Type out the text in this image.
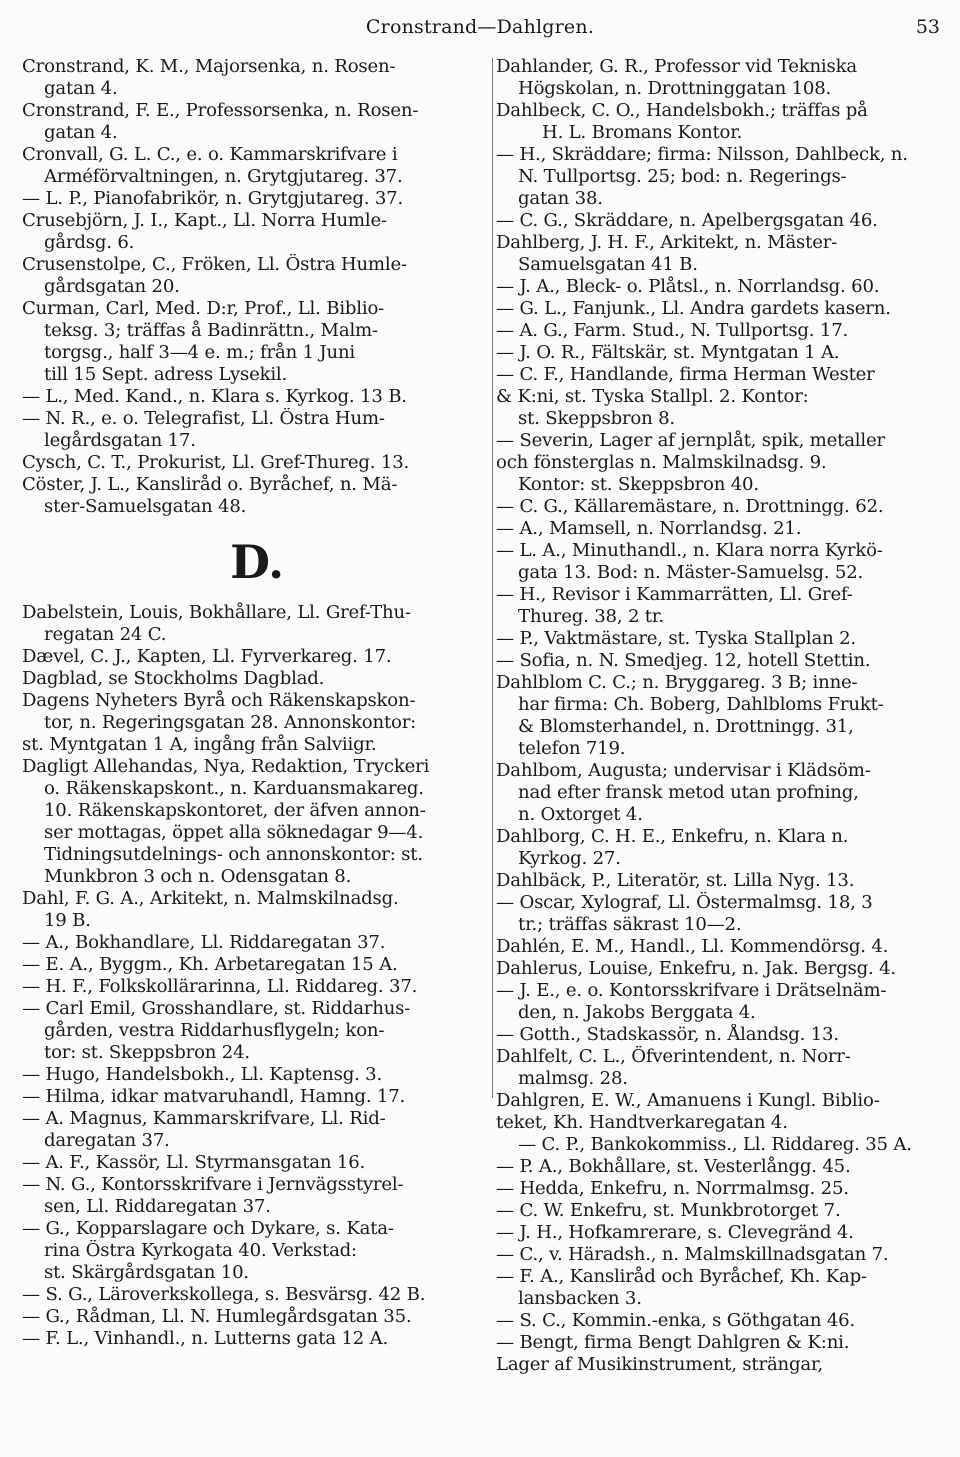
Cronstrand—Dahlgren.	53
Cronstrand, K. M., Majorsenka, n. Rosen-
gatan 4.
Cronstrand, F. E., Professorsenka, n. Rosen-
gatan 4.
Cronvall, G. L. C., e. o. Kammarskrifvare i
Arméförvaltningen, n. Grytgjutareg. 37.
— L. P., Pianofabrikör, n. Grytgjutareg. 37.
Crusebjörn, J. I., Kapt., Ll. Norra Humle-
gårdsg. 6.
Crusenstolpe, C., Fröken, Ll. Östra Humle-
gårdsgatan 20.
Curman, Carl, Med. D:r, Prof., Ll. Biblio-
teksg. 3; träffas å Badinrättn., Malm-
torgsg., half 3—4 e. m.; från 1 Juni
till 15 Sept. adress Lysekil.
— L., Med. Kand., n. Klara s. Kyrkog. 13 B.
— N. R., e. o. Telegrafist, Ll. Östra Hum-
legårdsgatan 17.
Cysch, C. T., Prokurist, Ll. Gref-Thureg. 13.
Cöster, J. L., Kansliråd o. Byråchef, n. Mä-
ster-Samuelsgatan 48.
D.
Dabelstein, Louis, Bokhållare, Ll. Gref-Thu-
regatan 24 C.
Dævel, C. J., Kapten, Ll. Fyrverkareg. 17.
Dagblad, se Stockholms Dagblad.
Dagens Nyheters Byrå och Räkenskapskon-
tor, n. Regeringsgatan 28. Annonskontor:
st. Myntgatan 1 A, ingång från Salviigr.
Dagligt Allehandas, Nya, Redaktion, Tryckeri
o. Räkenskapskont., n. Karduansmakareg.
10. Räkenskapskontoret, der äfven annon-
ser mottagas, öppet alla söknedagar 9—4.
Tidningsutdelnings- och annonskontor: st.
Munkbron 3 och n. Odensgatan 8.
Dahl, F. G. A., Arkitekt, n. Malmskilnadsg.
19 B.
— A., Bokhandlare, Ll. Riddaregatan 37.
— E. A., Byggm., Kh. Arbetaregatan 15 A.
— H. F., Folkskollärarinna, Ll. Riddareg. 37.
— Carl Emil, Grosshandlare, st. Riddarhus-
gården, vestra Riddarhusflygeln; kon-
tor: st. Skeppsbron 24.
— Hugo, Handelsbokh., Ll. Kaptensg. 3.
— Hilma, idkar matvaruhandl, Hamng. 17.
— A. Magnus, Kammarskrifvare, Ll. Rid-
daregatan 37.
— A. F., Kassör, Ll. Styrmansgatan 16.
— N. G., Kontorsskrifvare i Jernvägsstyrel-
sen, Ll. Riddaregatan 37.
— G., Kopparslagare och Dykare, s. Kata-
rina Östra Kyrkogata 40. Verkstad:
st. Skärgårdsgatan 10.
— S. G., Läroverkskollega, s. Besvärsg. 42 B.
— G., Rådman, Ll. N. Humlegårdsgatan 35.
— F. L., Vinhandl., n. Lutterns gata 12 A.
Dahlander, G. R., Professor vid Tekniska
Högskolan, n. Drottninggatan 108.
Dahlbeck, C. O., Handelsbokh.; träffas på
H. L. Bromans Kontor.
— H., Skräddare; firma: Nilsson, Dahlbeck, n.
N. Tullportsg. 25; bod: n. Regerings-
gatan 38.
— C. G., Skräddare, n. Apelbergsgatan 46.
Dahlberg, J. H. F., Arkitekt, n. Mäster-
Samuelsgatan 41 B.
— J. A., Bleck- o. Plåtsl., n. Norrlandsg. 60.
— G. L., Fanjunk., Ll. Andra gardets kasern.
— A. G., Farm. Stud., N. Tullportsg. 17.
— J. O. R., Fältskär, st. Myntgatan 1 A.
— C. F., Handlande, firma Herman Wester
& K:ni, st. Tyska Stallpl. 2. Kontor:
st. Skeppsbron 8.
— Severin, Lager af jernplåt, spik, metaller
och fönsterglas n. Malmskilnadsg. 9.
Kontor: st. Skeppsbron 40.
— C. G., Källaremästare, n. Drottningg. 62.
— A., Mamsell, n. Norrlandsg. 21.
— L. A., Minuthandl., n. Klara norra Kyrkö-
gata 13. Bod: n. Mäster-Samuelsg. 52.
— H., Revisor i Kammarrätten, Ll. Gref-
Thureg. 38, 2 tr.
— P., Vaktmästare, st. Tyska Stallplan 2.
— Sofia, n. N. Smedjeg. 12, hotell Stettin.
Dahlblom C. C.; n. Bryggareg. 3 B; inne-
har firma: Ch. Boberg, Dahlbloms Frukt-
& Blomsterhandel, n. Drottningg. 31,
telefon 719.
Dahlbom, Augusta; undervisar i Klädsöm-
nad efter fransk metod utan profning,
n. Oxtorget 4.
Dahlborg, C. H. E., Enkefru, n. Klara n.
Kyrkog. 27.
Dahlbäck, P., Literatör, st. Lilla Nyg. 13.
— Oscar, Xylograf, Ll. Östermalmsg. 18, 3
tr.; träffas säkrast 10—2.
Dahlén, E. M., Handl., Ll. Kommendörsg. 4.
Dahlerus, Louise, Enkefru, n. Jak. Bergsg. 4.
— J. E., e. o. Kontorsskrifvare i Drätselnäm-
den, n. Jakobs Berggata 4.
— Gotth., Stadskassör, n. Ålandsg. 13.
Dahlfelt, C. L., Öfverintendent, n. Norr-
malmsg. 28.
Dahlgren, E. W., Amanuens i Kungl. Biblio-
teket, Kh. Handtverkaregatan 4.
— C. P., Bankokommiss., Ll. Riddareg. 35 A.
— P. A., Bokhållare, st. Vesterlångg. 45.
— Hedda, Enkefru, n. Norrmalmsg. 25.
— C. W. Enkefru, st. Munkbrotorget 7.
— J. H., Hofkamrerare, s. Clevegränd 4.
— C., v. Häradsh., n. Malmskillnadsgatan 7.
— F. A., Kanslіråd och Byråchef, Kh. Kap-
lansbacken 3.
— S. C., Kommin.-enka, s Göthgatan 46.
— Bengt, firma Bengt Dahlgren & K:ni.
Lager af Musikinstrument, strängar,
